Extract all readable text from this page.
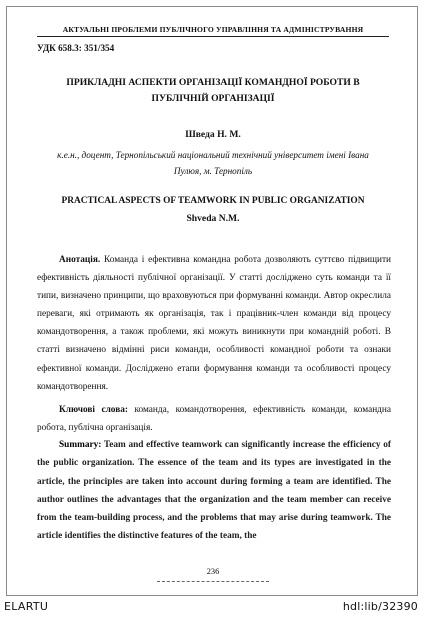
АКТУАЛЬНІ ПРОБЛЕМИ ПУБЛІЧНОГО УПРАВЛІННЯ ТА АДМІНІСТРУВАННЯ
УДК 658.3: 351/354
ПРИКЛАДНІ АСПЕКТИ ОРГАНІЗАЦІЇ КОМАНДНОЇ РОБОТИ В ПУБЛІЧНІЙ ОРГАНІЗАЦІЇ
Шведа Н. М.
к.е.н., доцент, Тернопільський національний технічний університет імені Івана Пулюя, м. Тернопіль
PRACTICAL ASPECTS OF TEAMWORK IN PUBLIC ORGANIZATION
Shveda N.M.

Анотація. Команда і ефективна командна робота дозволяють суттєво підвищити ефективність діяльності публічної організації. У статті досліджено суть команди та її типи, визначено принципи, що враховуються при формуванні команди. Автор окреслила переваги, які отримають як організація, так і працівник-член команди від процесу командотворення, а також проблеми, які можуть виникнути при командній роботі. В статті визначено відмінні риси команди, особливості командної роботи та ознаки ефективної команди. Досліджено етапи формування команди та особливості процесу командотворення.

Ключові слова: команда, командотворення, ефективність команди, командна робота, публічна організація.

Summary: Team and effective teamwork can significantly increase the efficiency of the public organization. The essence of the team and its types are investigated in the article, the principles are taken into account during forming a team are identified. The author outlines the advantages that the organization and the team member can receive from the team-building process, and the problems that may arise during teamwork. The article identifies the distinctive features of the team, the

236
ELARTU	hdl:lib/32390
